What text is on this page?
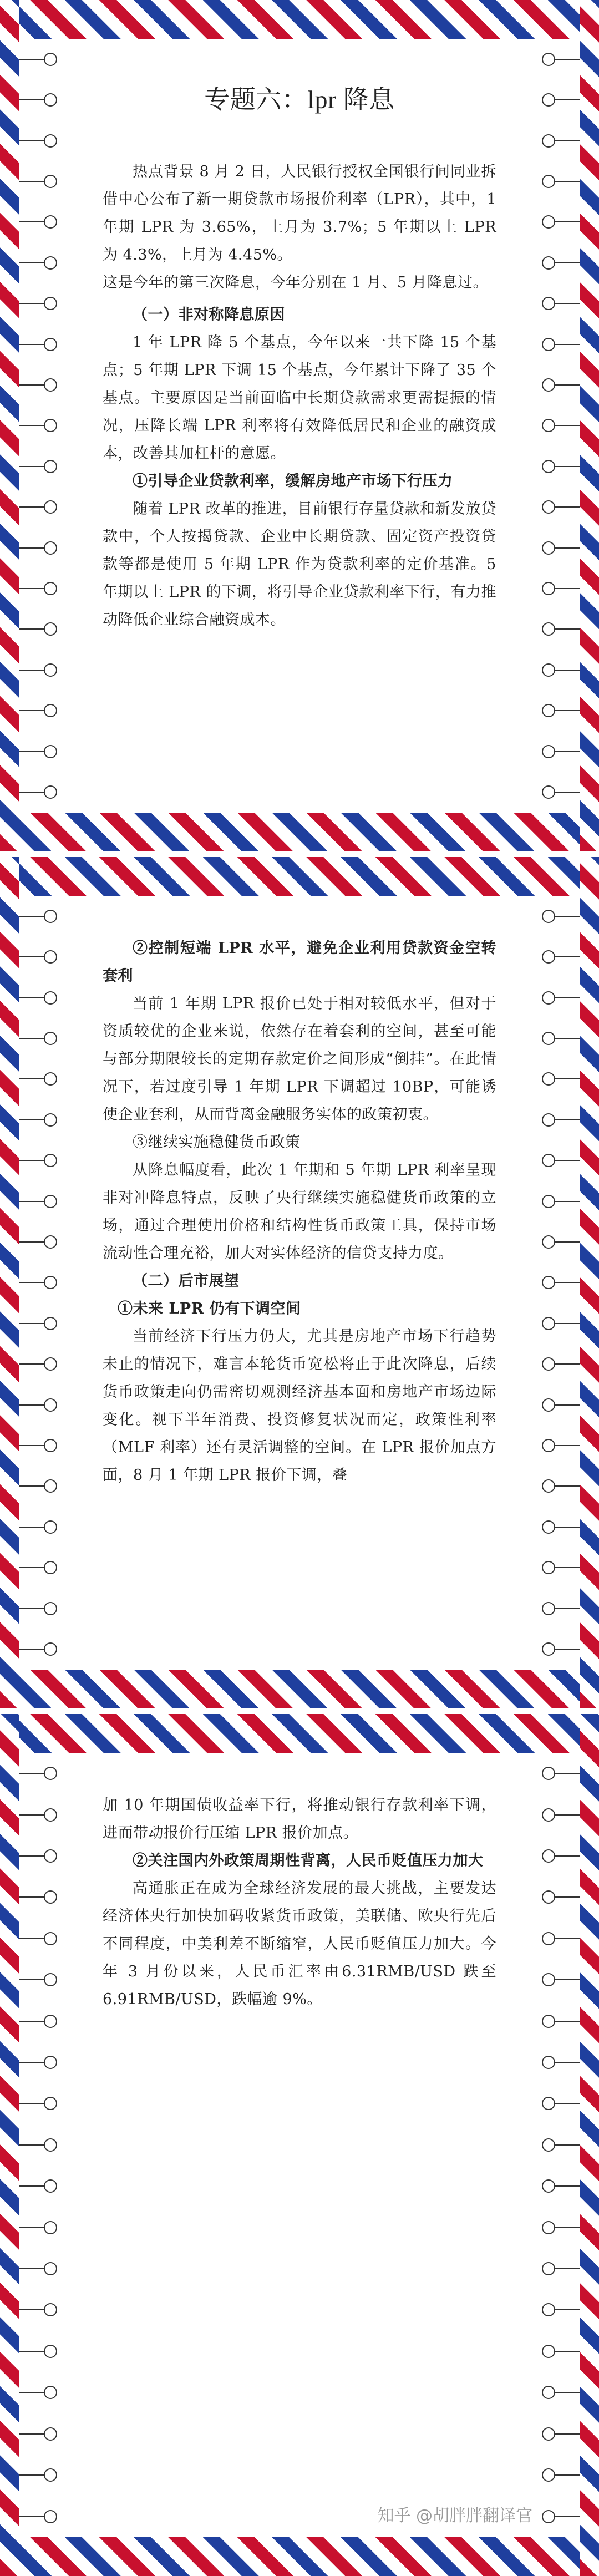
专题六：lpr 降息

热点背景 8 月 2 日，人民银行授权全国银行间同业拆借中心公布了新一期贷款市场报价利率（LPR），其中，1 年期 LPR 为 3.65%，上月为 3.7%；5 年期以上 LPR 为 4.3%，上月为 4.45%。

这是今年的第三次降息，今年分别在 1 月、5 月降息过。

（一）非对称降息原因

1 年 LPR 降 5 个基点，今年以来一共下降 15 个基点；5 年期 LPR 下调 15 个基点，今年累计下降了 35 个基点。主要原因是当前面临中长期贷款需求更需提振的情况，压降长端 LPR 利率将有效降低居民和企业的融资成本，改善其加杠杆的意愿。

①引导企业贷款利率，缓解房地产市场下行压力

随着 LPR 改革的推进，目前银行存量贷款和新发放贷款中，个人按揭贷款、企业中长期贷款、固定资产投资贷款等都是使用 5 年期 LPR 作为贷款利率的定价基准。5 年期以上 LPR 的下调，将引导企业贷款利率下行，有力推动降低企业综合融资成本。

②控制短端 LPR 水平，避免企业利用贷款资金空转套利

当前 1 年期 LPR 报价已处于相对较低水平，但对于资质较优的企业来说，依然存在着套利的空间，甚至可能与部分期限较长的定期存款定价之间形成“倒挂”。在此情况下，若过度引导 1 年期 LPR 下调超过 10BP，可能诱使企业套利，从而背离金融服务实体的政策初衷。

③继续实施稳健货币政策

从降息幅度看，此次 1 年期和 5 年期 LPR 利率呈现非对冲降息特点，反映了央行继续实施稳健货币政策的立场，通过合理使用价格和结构性货币政策工具，保持市场流动性合理充裕，加大对实体经济的信贷支持力度。

（二）后市展望

①未来 LPR 仍有下调空间

当前经济下行压力仍大，尤其是房地产市场下行趋势未止的情况下，难言本轮货币宽松将止于此次降息，后续货币政策走向仍需密切观测经济基本面和房地产市场边际变化。视下半年消费、投资修复状况而定，政策性利率（MLF 利率）还有灵活调整的空间。在 LPR 报价加点方面，8 月 1 年期 LPR 报价下调，叠

加 10 年期国债收益率下行，将推动银行存款利率下调，进而带动报价行压缩 LPR 报价加点。

②关注国内外政策周期性背离，人民币贬值压力加大

高通胀正在成为全球经济发展的最大挑战，主要发达经济体央行加快加码收紧货币政策，美联储、欧央行先后不同程度，中美利差不断缩窄，人民币贬值压力加大。今年 3 月份以来，人民币汇率由6.31RMB/USD 跌至 6.91RMB/USD，跌幅逾 9%。

知乎 @胡胖胖翻译官
